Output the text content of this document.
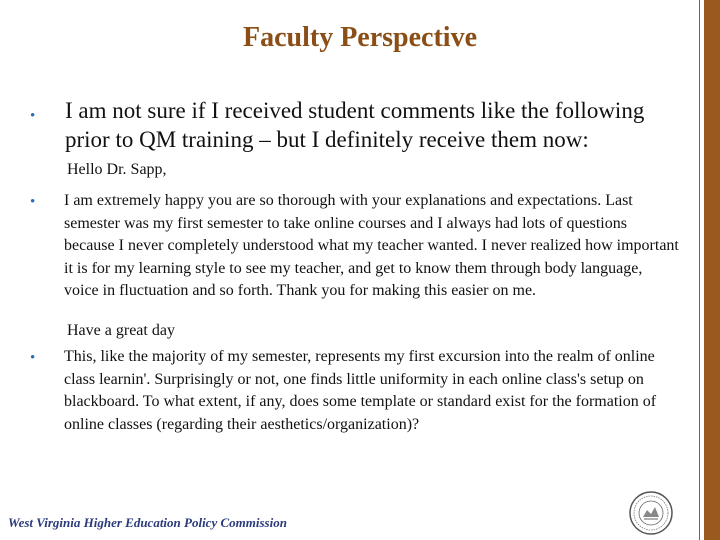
Faculty Perspective
• I am not sure if I received student comments like the following prior to QM training – but I definitely receive them now:
Hello Dr. Sapp,
• I am extremely happy you are so thorough with your explanations and expectations. Last semester was my first semester to take online courses and I always had lots of questions because I never completely understood what my teacher wanted. I never realized how important it is for my learning style to see my teacher, and get to know them through body language, voice in fluctuation and so forth. Thank you for making this easier on me.
Have a great day
• This, like the majority of my semester, represents my first excursion into the realm of online class learnin'. Surprisingly or not, one finds little uniformity in each online class's setup on blackboard. To what extent, if any, does some template or standard exist for the formation of online classes (regarding their aesthetics/organization)?
West Virginia Higher Education Policy Commission
